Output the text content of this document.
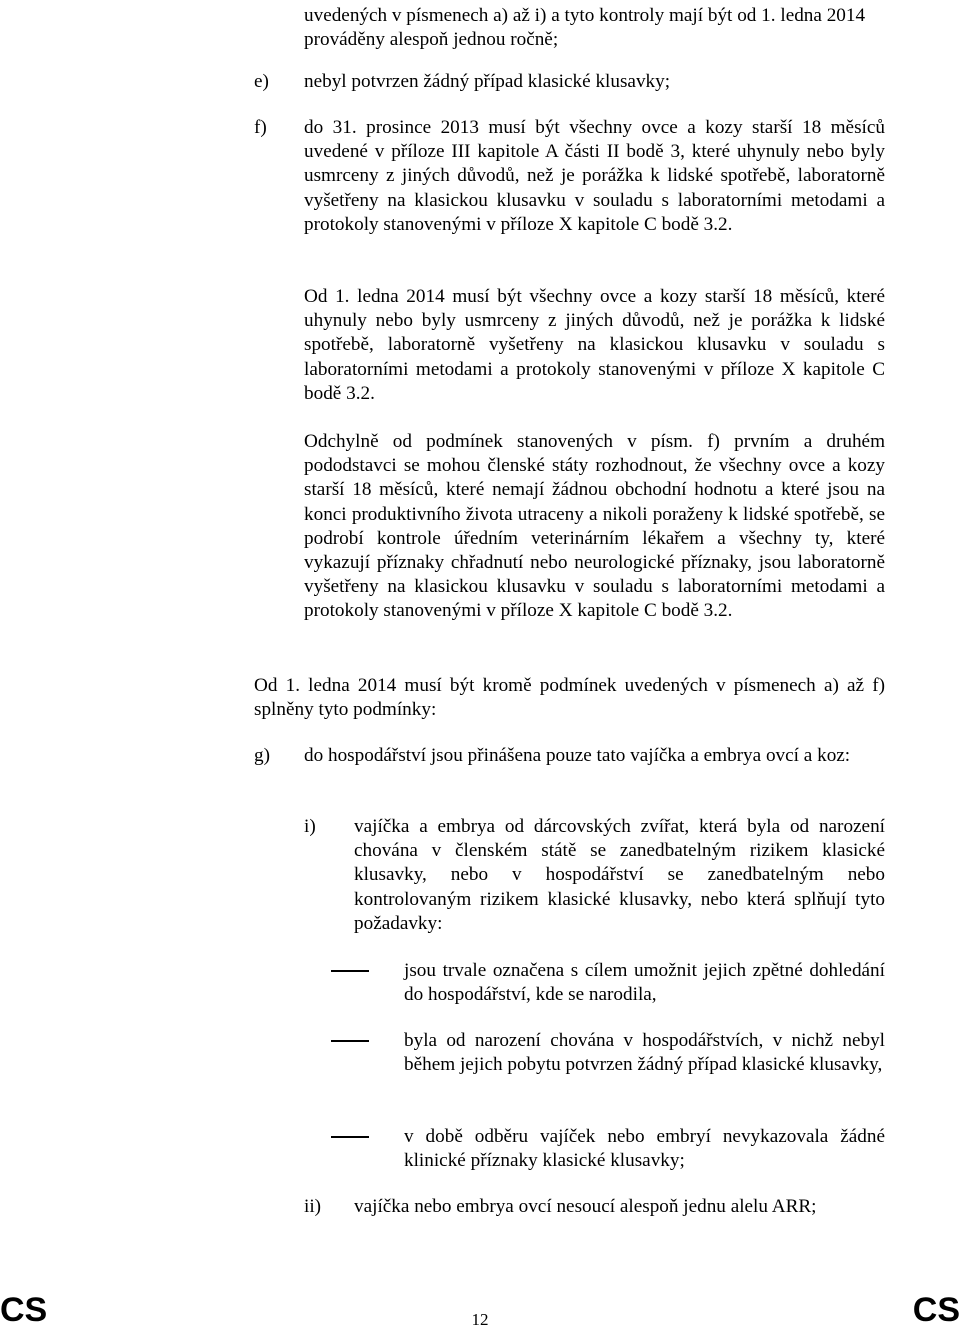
uvedených v písmenech a) až i) a tyto kontroly mají být od 1. ledna 2014 prováděny alespoň jednou ročně;
e) nebyl potvrzen žádný případ klasické klusavky;
f) do 31. prosince 2013 musí být všechny ovce a kozy starší 18 měsíců uvedené v příloze III kapitole A části II bodě 3, které uhynuly nebo byly usmrceny z jiných důvodů, než je porážka k lidské spotřebě, laboratorně vyšetřeny na klasickou klusavku v souladu s laboratorními metodami a protokoly stanovenými v příloze X kapitole C bodě 3.2.
Od 1. ledna 2014 musí být všechny ovce a kozy starší 18 měsíců, které uhynuly nebo byly usmrceny z jiných důvodů, než je porážka k lidské spotřebě, laboratorně vyšetřeny na klasickou klusavku v souladu s laboratorními metodami a protokoly stanovenými v příloze X kapitole C bodě 3.2.
Odchylně od podmínek stanovených v písm. f) prvním a druhém pododstavci se mohou členské státy rozhodnout, že všechny ovce a kozy starší 18 měsíců, které nemají žádnou obchodní hodnotu a které jsou na konci produktivního života utraceny a nikoli poraženy k lidské spotřebě, se podrobí kontrole úředním veterinárním lékařem a všechny ty, které vykazují příznaky chřadnutí nebo neurologické příznaky, jsou laboratorně vyšetřeny na klasickou klusavku v souladu s laboratorními metodami a protokoly stanovenými v příloze X kapitole C bodě 3.2.
Od 1. ledna 2014 musí být kromě podmínek uvedených v písmenech a) až f) splněny tyto podmínky:
g) do hospodářství jsou přinášena pouze tato vajíčka a embrya ovcí a koz:
i) vajíčka a embrya od dárcovských zvířat, která byla od narození chována v členském státě se zanedbatelným rizikem klasické klusavky, nebo v hospodářství se zanedbatelným nebo kontrolovaným rizikem klasické klusavky, nebo která splňují tyto požadavky:
jsou trvale označena s cílem umožnit jejich zpětné dohledání do hospodářství, kde se narodila,
byla od narození chována v hospodářstvích, v nichž nebyl během jejich pobytu potvrzen žádný případ klasické klusavky,
v době odběru vajíček nebo embryí nevykazovala žádné klinické příznaky klasické klusavky;
ii) vajíčka nebo embrya ovcí nesoucí alespoň jednu alelu ARR;
CS	12	CS
